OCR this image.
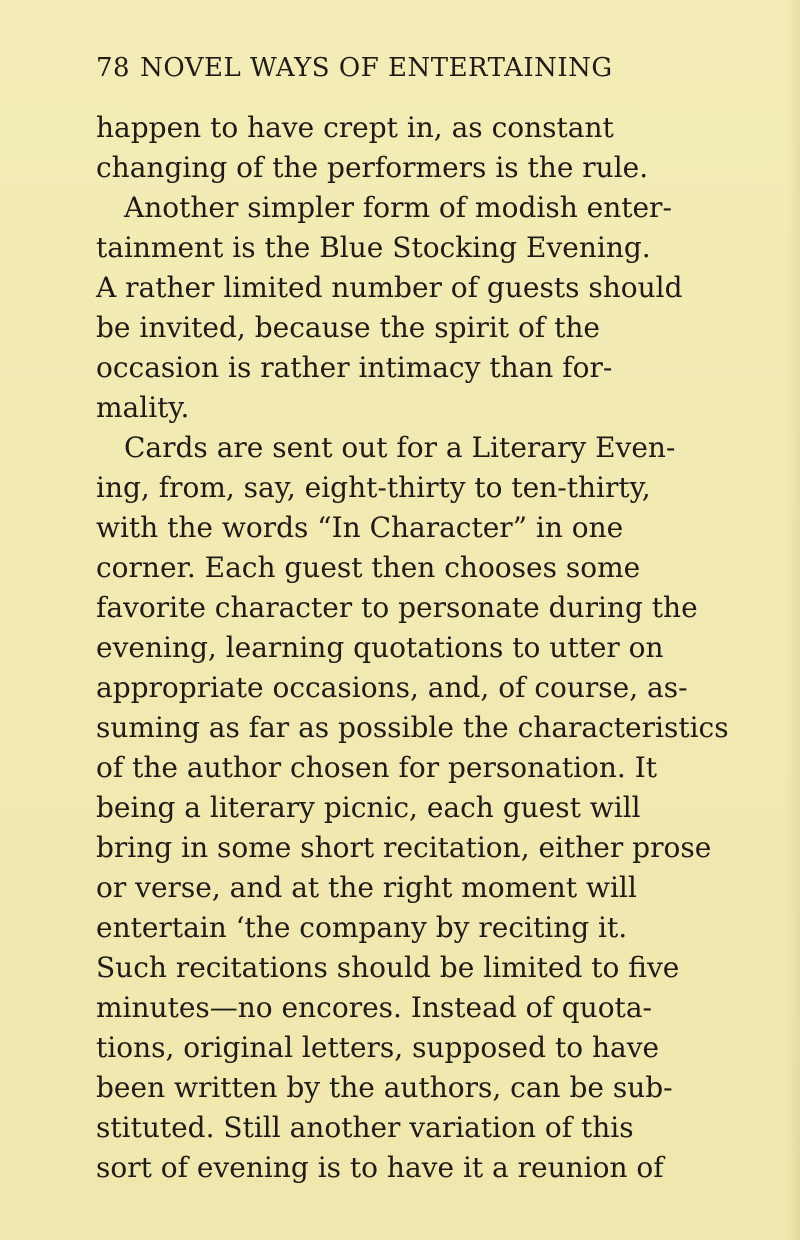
78 NOVEL WAYS OF ENTERTAINING
happen to have crept in, as constant
changing of the performers is the rule.
Another simpler form of modish enter-
tainment is the Blue Stocking Evening.
A rather limited number of guests should
be invited, because the spirit of the
occasion is rather intimacy than for-
mality.
Cards are sent out for a Literary Even-
ing, from, say, eight-thirty to ten-thirty,
with the words “In Character” in one
corner. Each guest then chooses some
favorite character to personate during the
evening, learning quotations to utter on
appropriate occasions, and, of course, as-
suming as far as possible the characteristics
of the author chosen for personation. It
being a literary picnic, each guest will
bring in some short recitation, either prose
or verse, and at the right moment will
entertain ‘the company by reciting it.
Such recitations should be limited to five
minutes—no encores. Instead of quota-
tions, original letters, supposed to have
been written by the authors, can be sub-
stituted. Still another variation of this
sort of evening is to have it a reunion of
